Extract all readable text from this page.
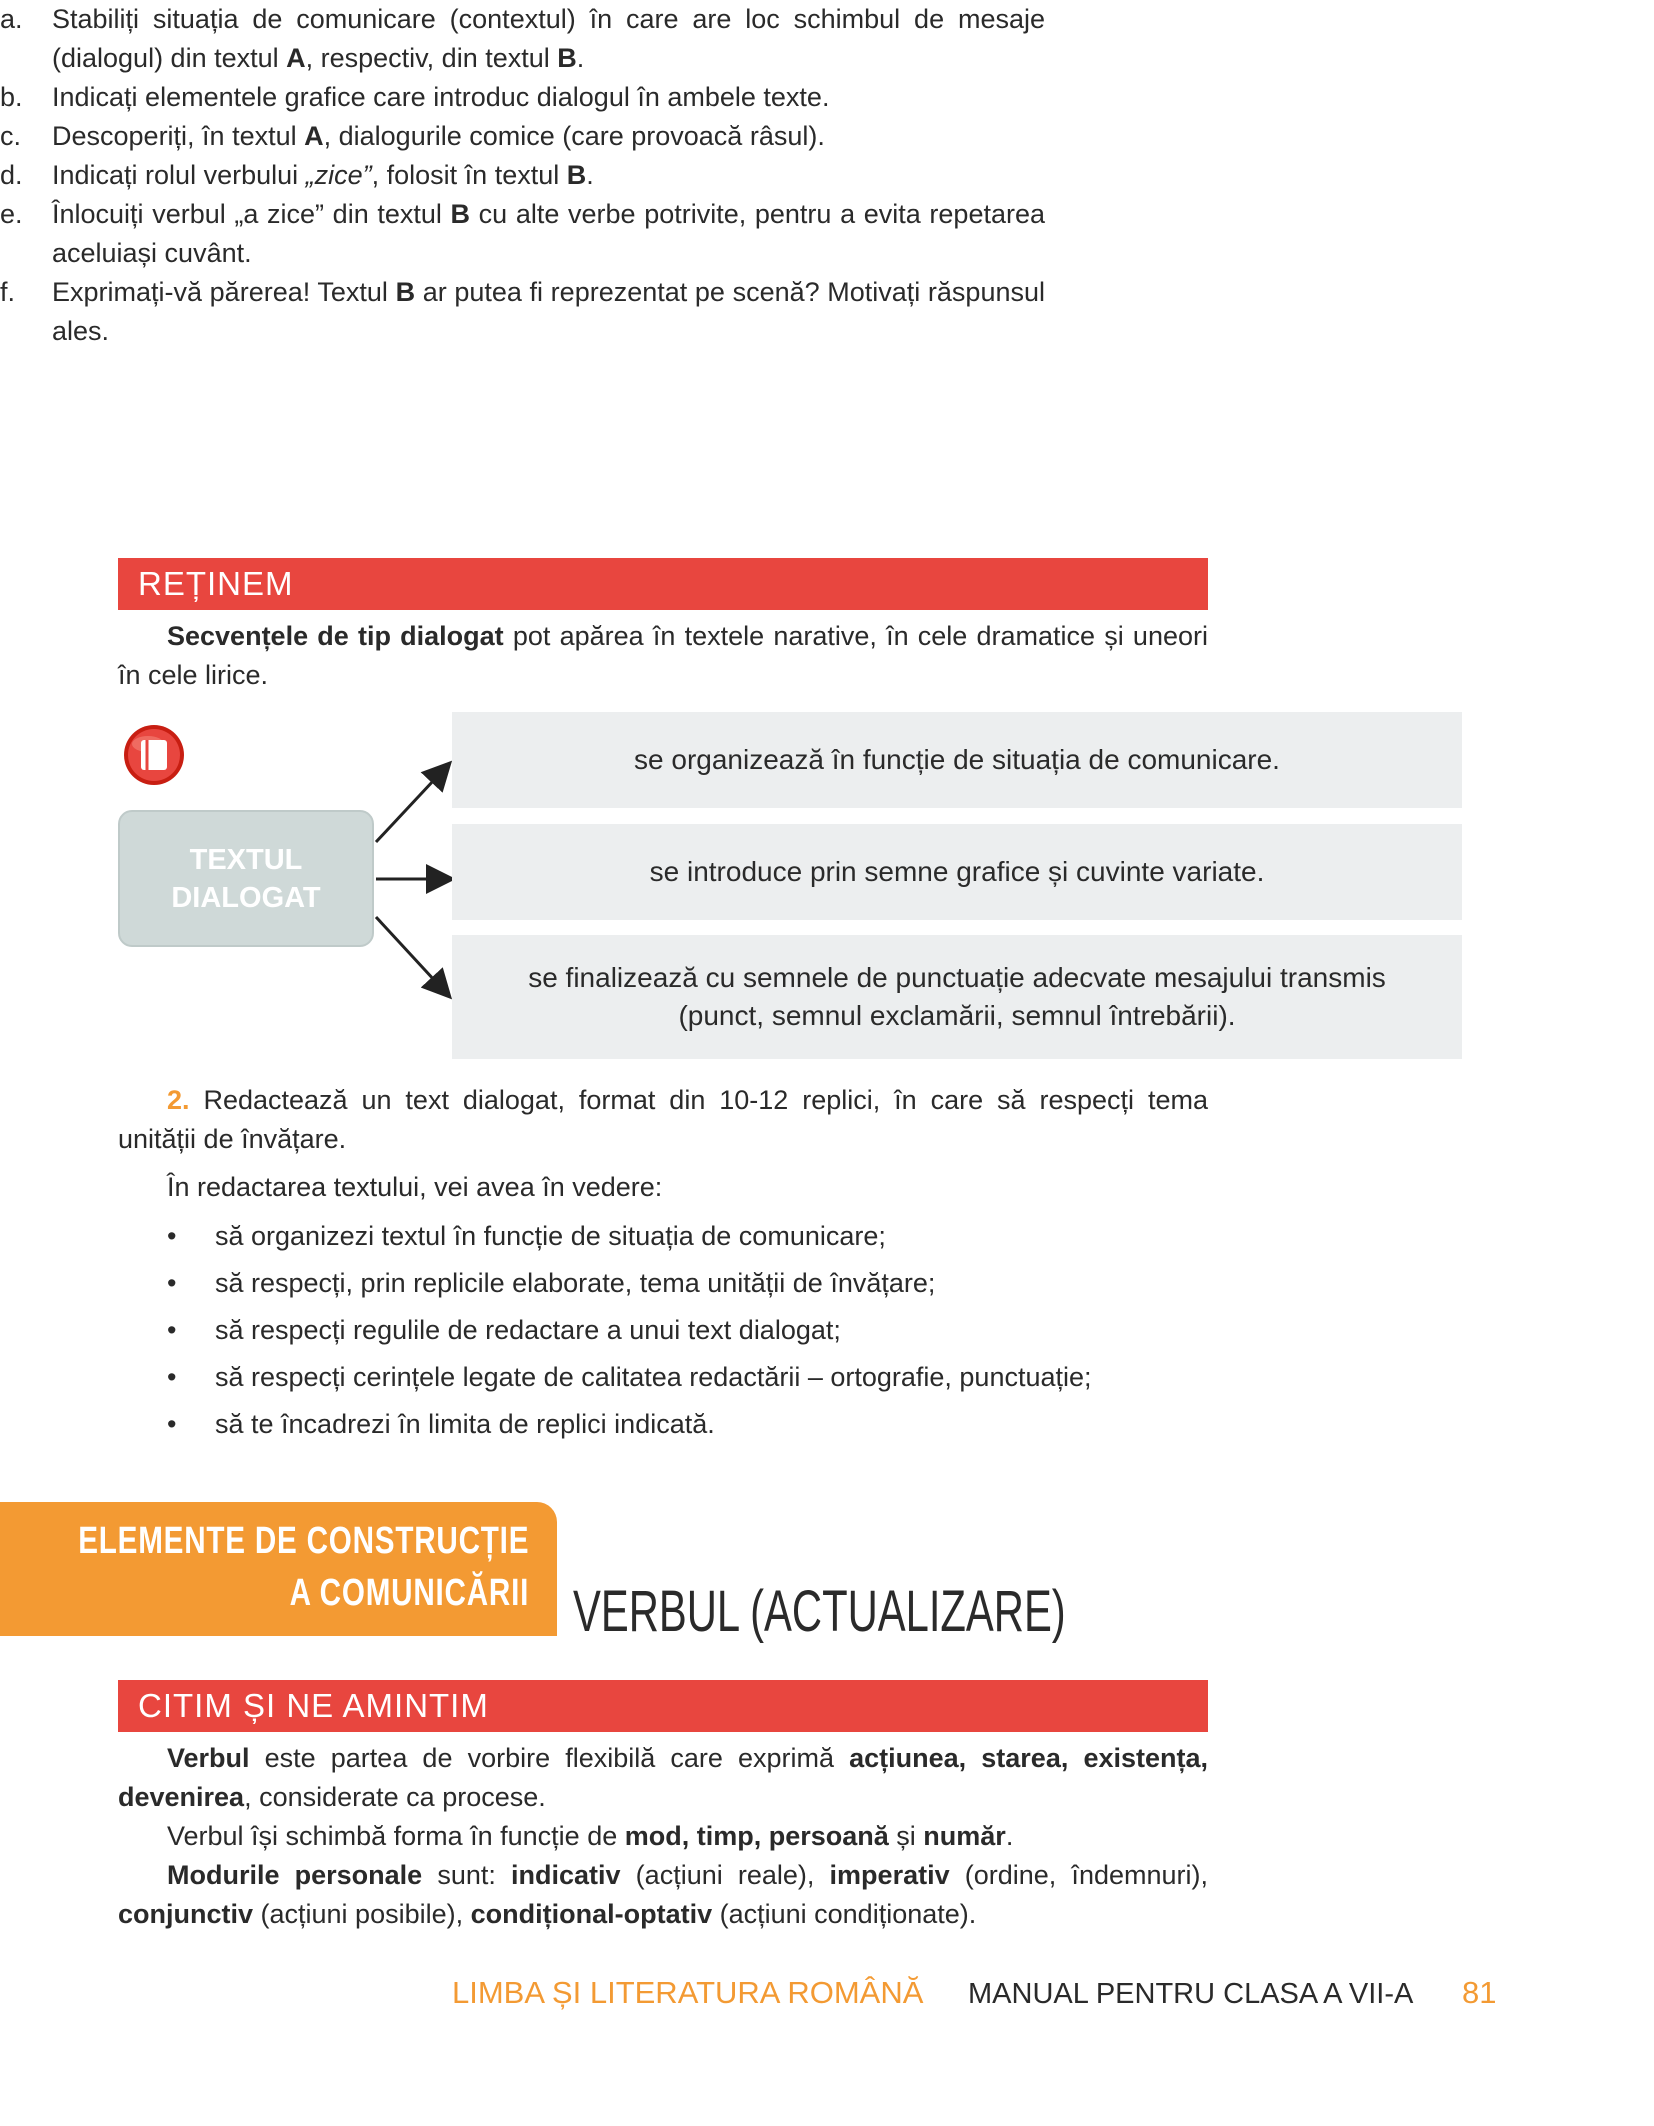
a. Stabiliți situația de comunicare (contextul) în care are loc schimbul de mesaje (dialogul) din textul A, respectiv, din textul B.
b. Indicați elementele grafice care introduc dialogul în ambele texte.
c. Descoperiți, în textul A, dialogurile comice (care provoacă râsul).
d. Indicați rolul verbului „zice”, folosit în textul B.
e. Înlocuiți verbul „a zice” din textul B cu alte verbe potrivite, pentru a evita repetarea aceluiași cuvânt.
f. Exprimați-vă părerea! Textul B ar putea fi reprezentat pe scenă? Motivați răspunsul ales.
REȚINEM
Secvențele de tip dialogat pot apărea în textele narative, în cele dramatice și uneori în cele lirice.
TEXTUL DIALOGAT
se organizează în funcție de situația de comunicare.
se introduce prin semne grafice și cuvinte variate.
se finalizează cu semnele de punctuație adecvate mesajului transmis (punct, semnul exclamării, semnul întrebării).
2. Redactează un text dialogat, format din 10-12 replici, în care să respecți tema unității de învățare.
În redactarea textului, vei avea în vedere:
• să organizezi textul în funcție de situația de comunicare;
• să respecți, prin replicile elaborate, tema unității de învățare;
• să respecți regulile de redactare a unui text dialogat;
• să respecți cerințele legate de calitatea redactării – ortografie, punctuație;
• să te încadrezi în limita de replici indicată.
ELEMENTE DE CONSTRUCȚIE
A COMUNICĂRII VERBUL (ACTUALIZARE)
CITIM ȘI NE AMINTIM
Verbul este partea de vorbire flexibilă care exprimă acțiunea, starea, existența, devenirea, considerate ca procese.
Verbul își schimbă forma în funcție de mod, timp, persoană și număr.
Modurile personale sunt: indicativ (acțiuni reale), imperativ (ordine, îndemnuri), conjunctiv (acțiuni posibile), condițional-optativ (acțiuni condiționate).
LIMBA ȘI LITERATURA ROMÂNĂ MANUAL PENTRU CLASA A VII-A 81
